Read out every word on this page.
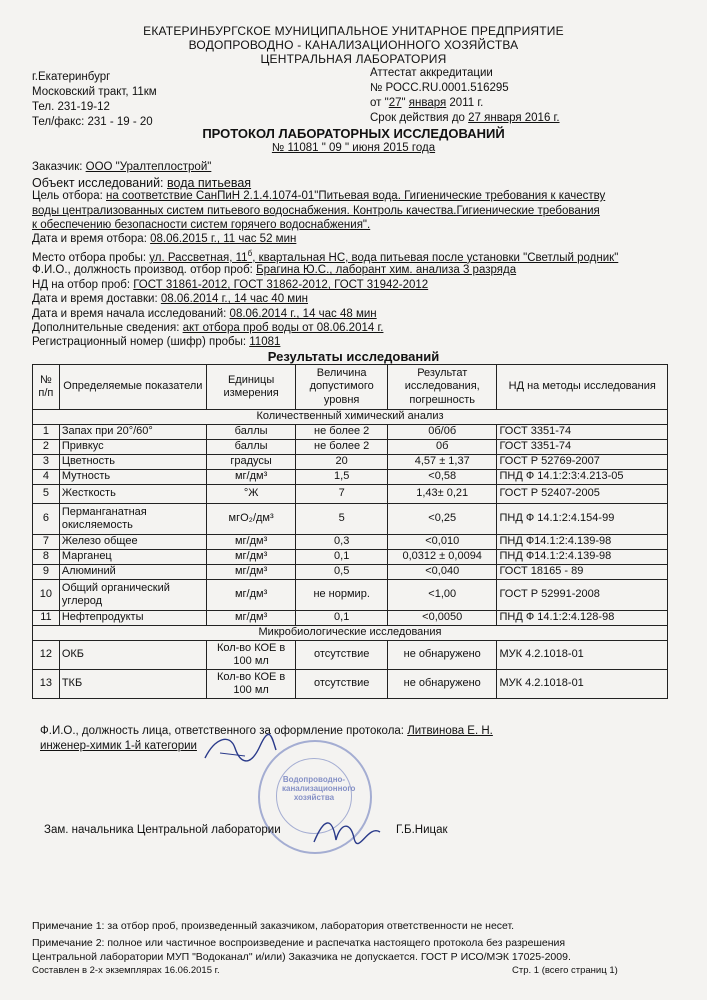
ЕКАТЕРИНБУРГСКОЕ МУНИЦИПАЛЬНОЕ УНИТАРНОЕ ПРЕДПРИЯТИЕ
ВОДОПРОВОДНО - КАНАЛИЗАЦИОННОГО ХОЗЯЙСТВА
ЦЕНТРАЛЬНАЯ ЛАБОРАТОРИЯ
г.Екатеринбург
Московский тракт, 11км
Тел. 231-19-12
Тел/факс: 231 - 19 - 20
Аттестат аккредитации
№ РОСС.RU.0001.516295
от "27" января 2011 г.
Срок действия до 27 января 2016 г.
ПРОТОКОЛ ЛАБОРАТОРНЫХ ИССЛЕДОВАНИЙ
№ 11081 " 09 " июня 2015 года
Заказчик: ООО "Уралтеплострой"
Объект исследований: вода питьевая
Цель отбора: на соответствие СанПиН 2.1.4.1074-01"Питьевая вода. Гигиенические требования к качеству
воды централизованных систем питьевого водоснабжения. Контроль качества.Гигиенические требования
к обеспечению безопасности систем горячего водоснабжения".
Дата и время отбора: 08.06.2015 г., 11 час 52 мин
Место отбора пробы: ул. Рассветная, $11^б$, квартальная НС, вода питьевая после установки "Светлый родник"
Ф.И.О., должность производ. отбор проб: Брагина Ю.С., лаборант хим. анализа 3 разряда
НД на отбор проб: ГОСТ 31861-2012, ГОСТ 31862-2012, ГОСТ 31942-2012
Дата и время доставки: 08.06.2014 г., 14 час 40 мин
Дата и время начала исследований: 08.06.2014 г., 14 час 48 мин
Дополнительные сведения: акт отбора проб воды от 08.06.2014 г.
Регистрационный номер (шифр) пробы: 11081
Результаты исследований
№ п/п	Определяемые показатели	Единицы измерения	Величина допустимого уровня	Результат исследования, погрешность	НД на методы исследования
Количественный химический анализ					
1	Запах при 20°/60°	баллы	не более 2	0б/0б	ГОСТ 3351-74
2	Привкус	баллы	не более 2	0б	ГОСТ 3351-74
3	Цветность	градусы	20	4,57 ± 1,37	ГОСТ Р 52769-2007
4	Мутность	мг/дм³	1,5	<0,58	ПНД Ф 14.1:2:3:4.213-05
5	Жесткость	°Ж	7	1,43± 0,21	ГОСТ Р 52407-2005
6	Перманганатная окисляемость	мгО₂/дм³	5	<0,25	ПНД Ф 14.1:2:4.154-99
7	Железо общее	мг/дм³	0,3	<0,010	ПНД Ф14.1:2:4.139-98
8	Марганец	мг/дм³	0,1	0,0312 ± 0,0094	ПНД Ф14.1:2:4.139-98
9	Алюминий	мг/дм³	0,5	<0,040	ГОСТ 18165 - 89
10	Общий органический углерод	мг/дм³	не нормир.	<1,00	ГОСТ Р 52991-2008
11	Нефтепродукты	мг/дм³	0,1	<0,0050	ПНД Ф 14.1:2:4.128-98
Микробиологические исследования					
12	ОКБ	Кол-во КОЕ в 100 мл	отсутствие	не обнаружено	МУК 4.2.1018-01
13	ТКБ	Кол-во КОЕ в 100 мл	отсутствие	не обнаружено	МУК 4.2.1018-01
Ф.И.О., должность лица, ответственного за оформление протокола: Литвинова Е. Н.
инженер-химик 1-й категории
Водопроводно-канализационного хозяйства
Зам. начальника Центральной лаборатории	Г.Б.Ницак
Примечание 1: за отбор проб, произведенный заказчиком, лаборатория ответственности не несет.
Примечание 2: полное или частичное воспроизведение и распечатка настоящего протокола без разрешения
Центральной лаборатории МУП "Водоканал" и/или) Заказчика не допускается. ГОСТ Р ИСО/МЭК 17025-2009.
Составлен в 2-х экземплярах 16.06.2015 г.	Стр. 1 (всего страниц 1)
